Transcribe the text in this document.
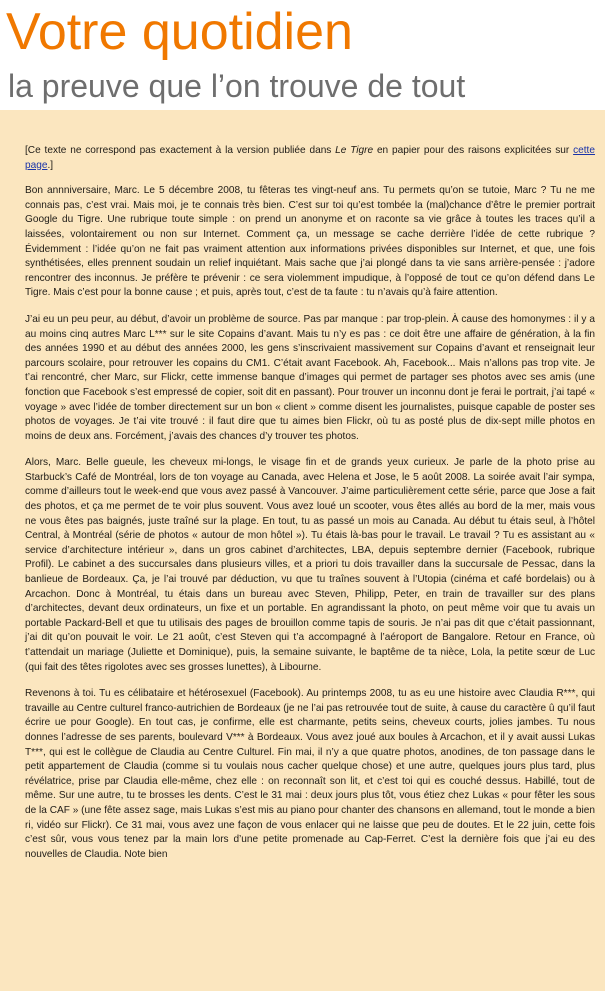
Votre quotidien
la preuve que l’on trouve de tout

[Ce texte ne correspond pas exactement à la version publiée dans Le Tigre en papier pour des raisons explicitées sur cette page.]

Bon annniversaire, Marc. Le 5 décembre 2008, tu fêteras tes vingt-neuf ans. Tu permets qu’on se tutoie, Marc ? Tu ne me connais pas, c’est vrai. Mais moi, je te connais très bien. C’est sur toi qu’est tombée la (mal)chance d’être le premier portrait Google du Tigre. Une rubrique toute simple : on prend un anonyme et on raconte sa vie grâce à toutes les traces qu’il a laissées, volontairement ou non sur Internet. Comment ça, un message se cache derrière l’idée de cette rubrique ? Évidemment : l’idée qu’on ne fait pas vraiment attention aux informations privées disponibles sur Internet, et que, une fois synthétisées, elles prennent soudain un relief inquiétant. Mais sache que j’ai plongé dans ta vie sans arrière-pensée : j’adore rencontrer des inconnus. Je préfère te prévenir : ce sera violemment impudique, à l’opposé de tout ce qu’on défend dans Le Tigre. Mais c’est pour la bonne cause ; et puis, après tout, c’est de ta faute : tu n’avais qu’à faire attention.

J’ai eu un peu peur, au début, d’avoir un problème de source. Pas par manque : par trop-plein. À cause des homonymes : il y a au moins cinq autres Marc L*** sur le site Copains d’avant. Mais tu n’y es pas : ce doit être une affaire de génération, à la fin des années 1990 et au début des années 2000, les gens s’inscrivaient massivement sur Copains d’avant et renseignait leur parcours scolaire, pour retrouver les copains du CM1. C’était avant Facebook. Ah, Facebook... Mais n’allons pas trop vite. Je t’ai rencontré, cher Marc, sur Flickr, cette immense banque d’images qui permet de partager ses photos avec ses amis (une fonction que Facebook s’est empressé de copier, soit dit en passant). Pour trouver un inconnu dont je ferai le portrait, j’ai tapé « voyage » avec l’idée de tomber directement sur un bon « client » comme disent les journalistes, puisque capable de poster ses photos de voyages. Je t’ai vite trouvé : il faut dire que tu aimes bien Flickr, où tu as posté plus de dix-sept mille photos en moins de deux ans. Forcément, j’avais des chances d’y trouver tes photos.

Alors, Marc. Belle gueule, les cheveux mi-longs, le visage fin et de grands yeux curieux. Je parle de la photo prise au Starbuck’s Café de Montréal, lors de ton voyage au Canada, avec Helena et Jose, le 5 août 2008. La soirée avait l’air sympa, comme d’ailleurs tout le week-end que vous avez passé à Vancouver. J’aime particulièrement cette série, parce que Jose a fait des photos, et ça me permet de te voir plus souvent. Vous avez loué un scooter, vous êtes allés au bord de la mer, mais vous ne vous êtes pas baignés, juste traîné sur la plage. En tout, tu as passé un mois au Canada. Au début tu étais seul, à l’hôtel Central, à Montréal (série de photos « autour de mon hôtel »). Tu étais là-bas pour le travail. Le travail ? Tu es assistant au « service d’architecture intérieur », dans un gros cabinet d’architectes, LBA, depuis septembre dernier (Facebook, rubrique Profil). Le cabinet a des succursales dans plusieurs villes, et a priori tu dois travailler dans la succursale de Pessac, dans la banlieue de Bordeaux. Ça, je l’ai trouvé par déduction, vu que tu traînes souvent à l’Utopia (cinéma et café bordelais) ou à Arcachon. Donc à Montréal, tu étais dans un bureau avec Steven, Philipp, Peter, en train de travailler sur des plans d’architectes, devant deux ordinateurs, un fixe et un portable. En agrandissant la photo, on peut même voir que tu avais un portable Packard-Bell et que tu utilisais des pages de brouillon comme tapis de souris. Je n’ai pas dit que c’était passionnant, j’ai dit qu’on pouvait le voir. Le 21 août, c’est Steven qui t’a accompagné à l’aéroport de Bangalore. Retour en France, où t’attendait un mariage (Juliette et Dominique), puis, la semaine suivante, le baptême de ta nièce, Lola, la petite sœur de Luc (qui fait des têtes rigolotes avec ses grosses lunettes), à Libourne.

Revenons à toi. Tu es célibataire et hétérosexuel (Facebook). Au printemps 2008, tu as eu une histoire avec Claudia R***, qui travaille au Centre culturel franco-autrichien de Bordeaux (je ne l’ai pas retrouvée tout de suite, à cause du caractère û qu’il faut écrire ue pour Google). En tout cas, je confirme, elle est charmante, petits seins, cheveux courts, jolies jambes. Tu nous donnes l’adresse de ses parents, boulevard V*** à Bordeaux. Vous avez joué aux boules à Arcachon, et il y avait aussi Lukas T***, qui est le collègue de Claudia au Centre Culturel. Fin mai, il n’y a que quatre photos, anodines, de ton passage dans le petit appartement de Claudia (comme si tu voulais nous cacher quelque chose) et une autre, quelques jours plus tard, plus révélatrice, prise par Claudia elle-même, chez elle : on reconnaît son lit, et c’est toi qui es couché dessus. Habillé, tout de même. Sur une autre, tu te brosses les dents. C’est le 31 mai : deux jours plus tôt, vous étiez chez Lukas « pour fêter les sous de la CAF » (une fête assez sage, mais Lukas s’est mis au piano pour chanter des chansons en allemand, tout le monde a bien ri, vidéo sur Flickr). Ce 31 mai, vous avez une façon de vous enlacer qui ne laisse que peu de doutes. Et le 22 juin, cette fois c’est sûr, vous vous tenez par la main lors d’une petite promenade au Cap-Ferret. C’est la dernière fois que j’ai eu des nouvelles de Claudia. Note bien
